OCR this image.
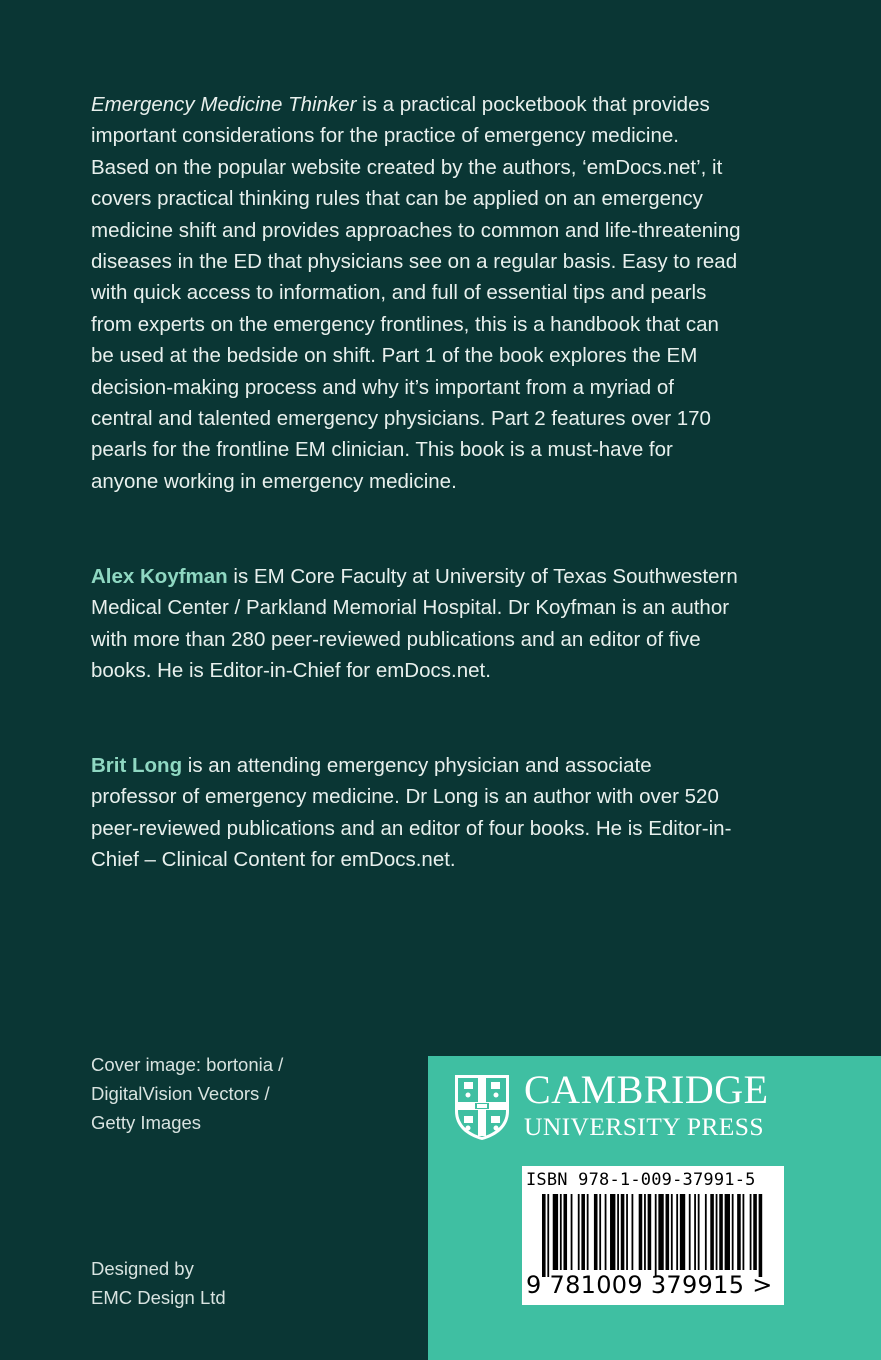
Emergency Medicine Thinker is a practical pocketbook that provides important considerations for the practice of emergency medicine. Based on the popular website created by the authors, ‘emDocs.net’, it covers practical thinking rules that can be applied on an emergency medicine shift and provides approaches to common and life-threatening diseases in the ED that physicians see on a regular basis. Easy to read with quick access to information, and full of essential tips and pearls from experts on the emergency frontlines, this is a handbook that can be used at the bedside on shift. Part 1 of the book explores the EM decision-making process and why it’s important from a myriad of central and talented emergency physicians. Part 2 features over 170 pearls for the frontline EM clinician. This book is a must-have for anyone working in emergency medicine.

Alex Koyfman is EM Core Faculty at University of Texas Southwestern Medical Center / Parkland Memorial Hospital. Dr Koyfman is an author with more than 280 peer-reviewed publications and an editor of five books. He is Editor-in-Chief for emDocs.net.

Brit Long is an attending emergency physician and associate professor of emergency medicine. Dr Long is an author with over 520 peer-reviewed publications and an editor of four books. He is Editor-in-Chief – Clinical Content for emDocs.net.

Cover image: bortonia /
DigitalVision Vectors /
Getty Images
Designed by
EMC Design Ltd
CAMBRIDGE
UNIVERSITY PRESS
ISBN 978-1-009-37991-5
9 781009 379915 >
